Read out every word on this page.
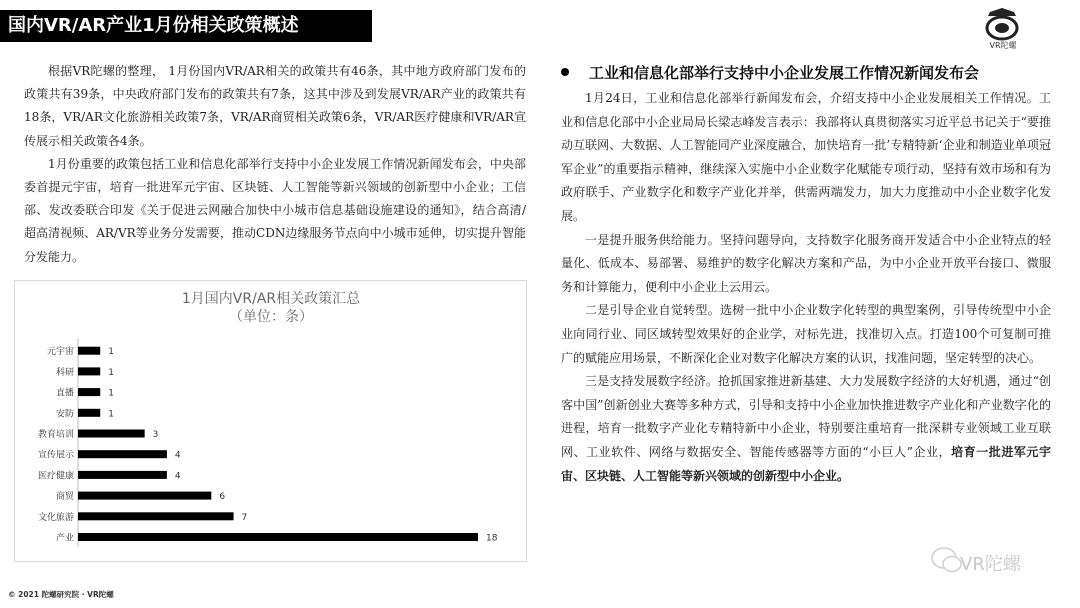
国内VR/AR产业1月份相关政策概述
VR陀螺

根据VR陀螺的整理， 1月份国内VR/AR相关的政策共有46条，其中地方政府部门发布的政策共有39条，中央政府部门发布的政策共有7条，这其中涉及到发展VR/AR产业的政策共有18条，VR/AR文化旅游相关政策7条，VR/AR商贸相关政策6条，VR/AR医疗健康和VR/AR宣传展示相关政策各4条。

1月份重要的政策包括工业和信息化部举行支持中小企业发展工作情况新闻发布会，中央部委首提元宇宙，培育一批进军元宇宙、区块链、人工智能等新兴领域的创新型中小企业；工信部、发改委联合印发《关于促进云网融合加快中小城市信息基础设施建设的通知》，结合高清/超高清视频、AR/VR等业务分发需要，推动CDN边缘服务节点向中小城市延伸，切实提升智能分发能力。

1月国内VR/AR相关政策汇总
（单位：条）
产业	18
文化旅游	7
商贸	6
医疗健康	4
宣传展示	4
教育培训	3
安防	1
直播	1
科研	1
元宇宙	1
工业和信息化部举行支持中小企业发展工作情况新闻发布会

1月24日，工业和信息化部举行新闻发布会，介绍支持中小企业发展相关工作情况。工业和信息化部中小企业局局长梁志峰发言表示：我部将认真贯彻落实习近平总书记关于“要推动互联网、大数据、人工智能同产业深度融合，加快培育一批’专精特新‘企业和制造业单项冠军企业”的重要指示精神，继续深入实施中小企业数字化赋能专项行动，坚持有效市场和有为政府联手、产业数字化和数字产业化并举，供需两端发力，加大力度推动中小企业数字化发展。

一是提升服务供给能力。坚持问题导向，支持数字化服务商开发适合中小企业特点的轻量化、低成本、易部署、易维护的数字化解决方案和产品，为中小企业开放平台接口、微服务和计算能力，便利中小企业上云用云。

二是引导企业自觉转型。选树一批中小企业数字化转型的典型案例，引导传统型中小企业向同行业、同区域转型效果好的企业学，对标先进，找准切入点。打造100个可复制可推广的赋能应用场景，不断深化企业对数字化解决方案的认识，找准问题，坚定转型的决心。

三是支持发展数字经济。抢抓国家推进新基建、大力发展数字经济的大好机遇，通过“创客中国”创新创业大赛等多种方式，引导和支持中小企业加快推进数字产业化和产业数字化的进程，培育一批数字产业化专精特新中小企业，特别要注重培育一批深耕专业领域工业互联网、工业软件、网络与数据安全、智能传感器等方面的“小巨人”企业，培育一批进军元宇宙、区块链、人工智能等新兴领域的创新型中小企业。

VR陀螺
© 2021 陀螺研究院 · VR陀螺
